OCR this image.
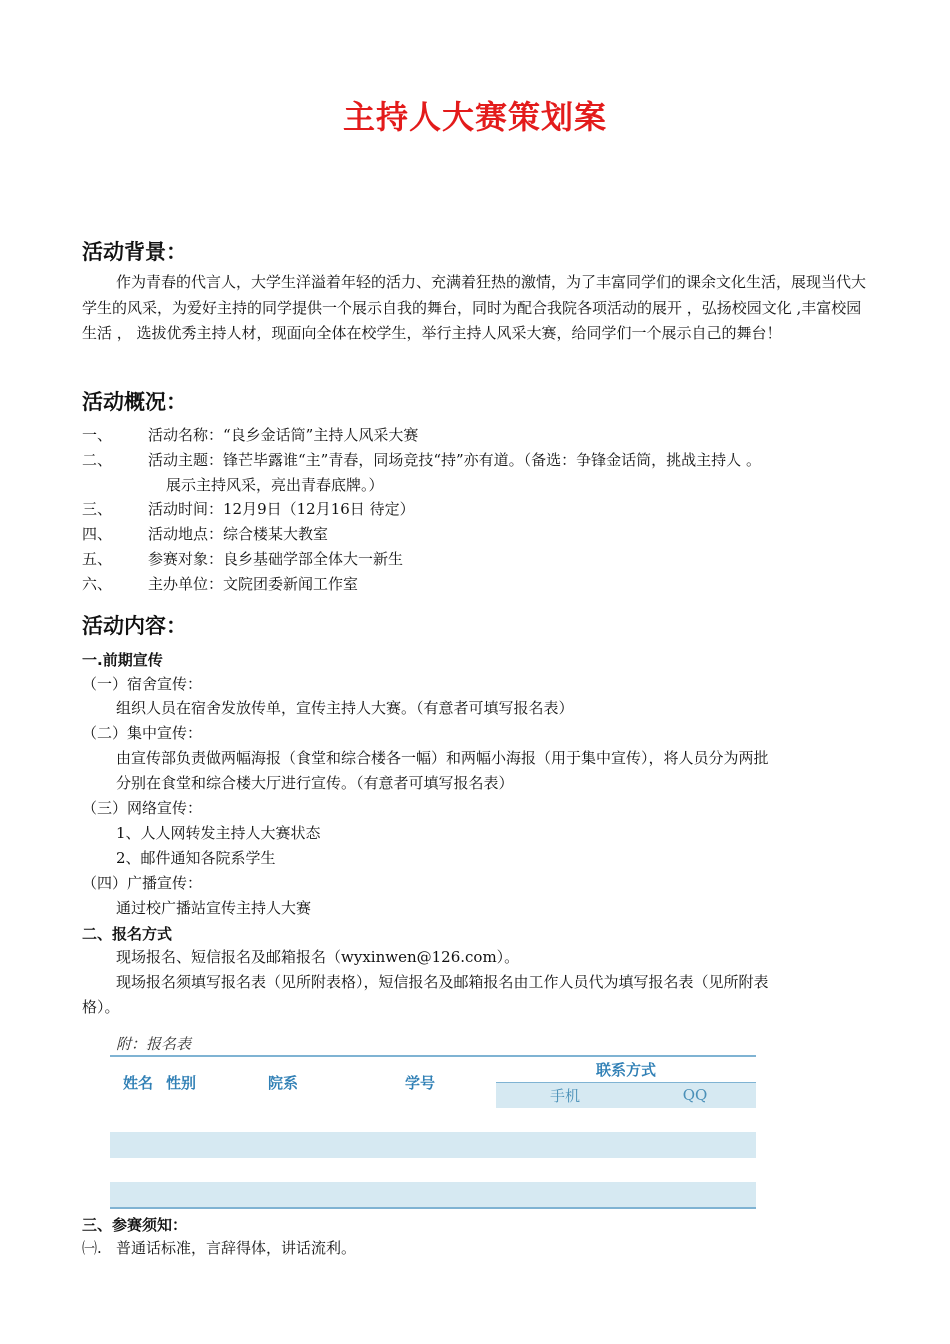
主持人大赛策划案
活动背景：
作为青春的代言人，大学生洋溢着年轻的活力、充满着狂热的激情，为了丰富同学们的课余文化生活，展现当代大学生的风采，为爱好主持的同学提供一个展示自我的舞台，同时为配合我院各项活动的展开 ，弘扬校园文化 ,丰富校园生活 ， 选拔优秀主持人材，现面向全体在校学生，举行主持人风采大赛，给同学们一个展示自己的舞台！
活动概况：
一、 活动名称：“良乡金话筒”主持人风采大赛
二、 活动主题：锋芒毕露谁“主”青春，同场竞技“持”亦有道。（备选：争锋金话筒，挑战主持人 。
展示主持风采，亮出青春底牌。）
三、 活动时间：12月9日（12月16日 待定）
四、 活动地点：综合楼某大教室
五、 参赛对象：良乡基础学部全体大一新生
六、 主办单位：文院团委新闻工作室
活动内容：
一.前期宣传
（一）宿舍宣传：
组织人员在宿舍发放传单，宣传主持人大赛。（有意者可填写报名表）
（二）集中宣传：
由宣传部负责做两幅海报（食堂和综合楼各一幅）和两幅小海报（用于集中宣传），将人员分为两批
分别在食堂和综合楼大厅进行宣传。（有意者可填写报名表）
（三）网络宣传：
1、人人网转发主持人大赛状态
2、邮件通知各院系学生
（四）广播宣传：
通过校广播站宣传主持人大赛
二、报名方式
现场报名、短信报名及邮箱报名（wyxinwen@126.com）。
现场报名须填写报名表（见所附表格），短信报名及邮箱报名由工作人员代为填写报名表（见所附表
格）。
附：报名表
姓名	性别	院系	学号	联系方式	
				手机	QQ

三、参赛须知：
㈠. 普通话标准，言辞得体，讲话流利。
